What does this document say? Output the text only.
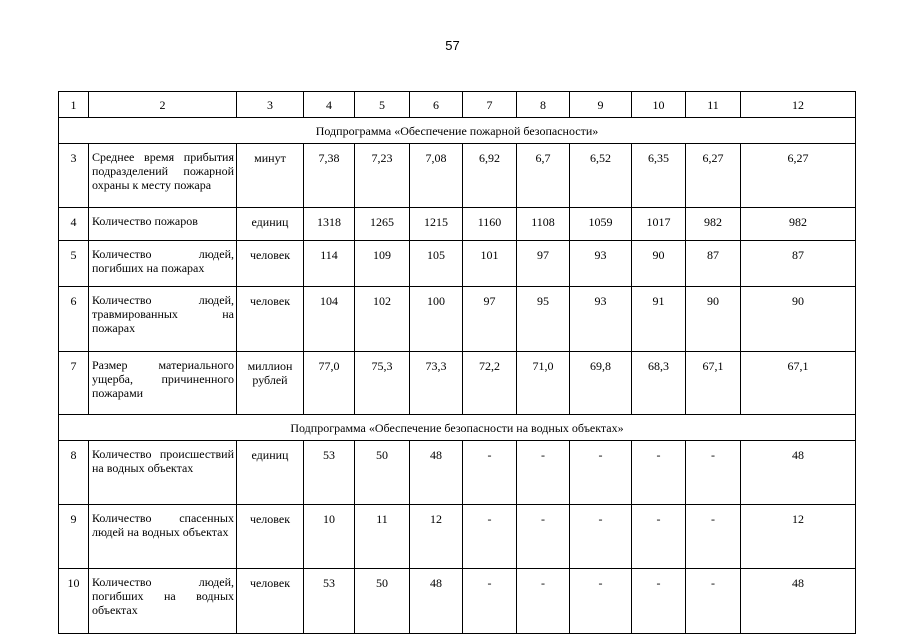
57
1	2	3	4	5	6	7	8	9	10	11	12
Подпрограмма «Обеспечение пожарной безопасности»											
3	Среднее время прибытия подразделений пожарной охраны к месту пожара	минут	7,38	7,23	7,08	6,92	6,7	6,52	6,35	6,27	6,27
4	Количество пожаров	единиц	1318	1265	1215	1160	1108	1059	1017	982	982
5	Количество людей, погибших на пожарах	человек	114	109	105	101	97	93	90	87	87
6	Количество людей, травмированных на пожарах	человек	104	102	100	97	95	93	91	90	90
7	Размер материального ущерба, причиненного пожарами	миллион рублей	77,0	75,3	73,3	72,2	71,0	69,8	68,3	67,1	67,1
Подпрограмма «Обеспечение безопасности на водных объектах»											
8	Количество происшествий на водных объектах	единиц	53	50	48	-	-	-	-	-	48
9	Количество спасенных людей на водных объектах	человек	10	11	12	-	-	-	-	-	12
10	Количество людей, погибших на водных объектах	человек	53	50	48	-	-	-	-	-	48
